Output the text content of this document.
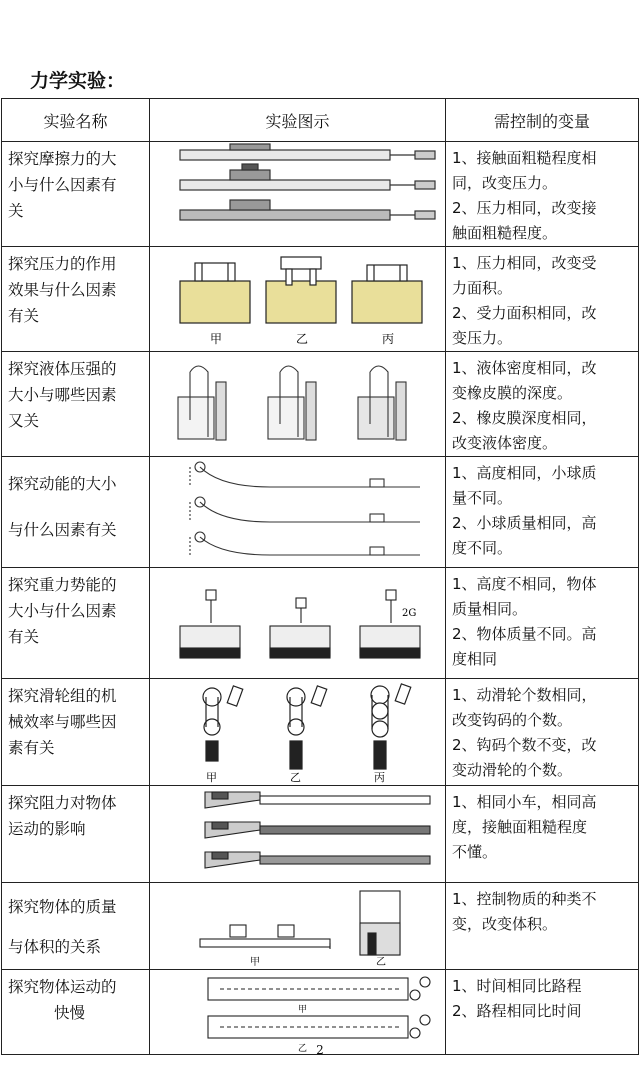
力学实验：
实验名称	实验图示	需控制的变量

探究摩擦力的大
小与什么因素有
关		1、接触面粗糙程度相
同，改变压力。
2、压力相同，改变接
触面粗糙程度。

探究压力的作用
效果与什么因素
有关	甲 乙 丙	1、压力相同，改变受
力面积。
2、受力面积相同，改
变压力。

探究液体压强的
大小与哪些因素
又关		1、液体密度相同，改
变橡皮膜的深度。
2、橡皮膜深度相同，
改变液体密度。

探究动能的大小
与什么因素有关		1、高度相同，小球质
量不同。
2、小球质量相同，高
度不同。

探究重力势能的
大小与什么因素
有关	2G	1、高度不相同，物体
质量相同。
2、物体质量不同。高
度相同

探究滑轮组的机
械效率与哪些因
素有关	甲 乙 丙	1、动滑轮个数相同，
改变钩码的个数。
2、钩码个数不变，改
变动滑轮的个数。

探究阻力对物体
运动的影响		1、相同小车，相同高
度，接触面粗糙程度
不懂。

探究物体的质量
与体积的关系	甲 乙	1、控制物质的种类不
变，改变体积。

探究物体运动的
快慢	甲
乙	1、时间相同比路程
2、路程相同比时间
2
